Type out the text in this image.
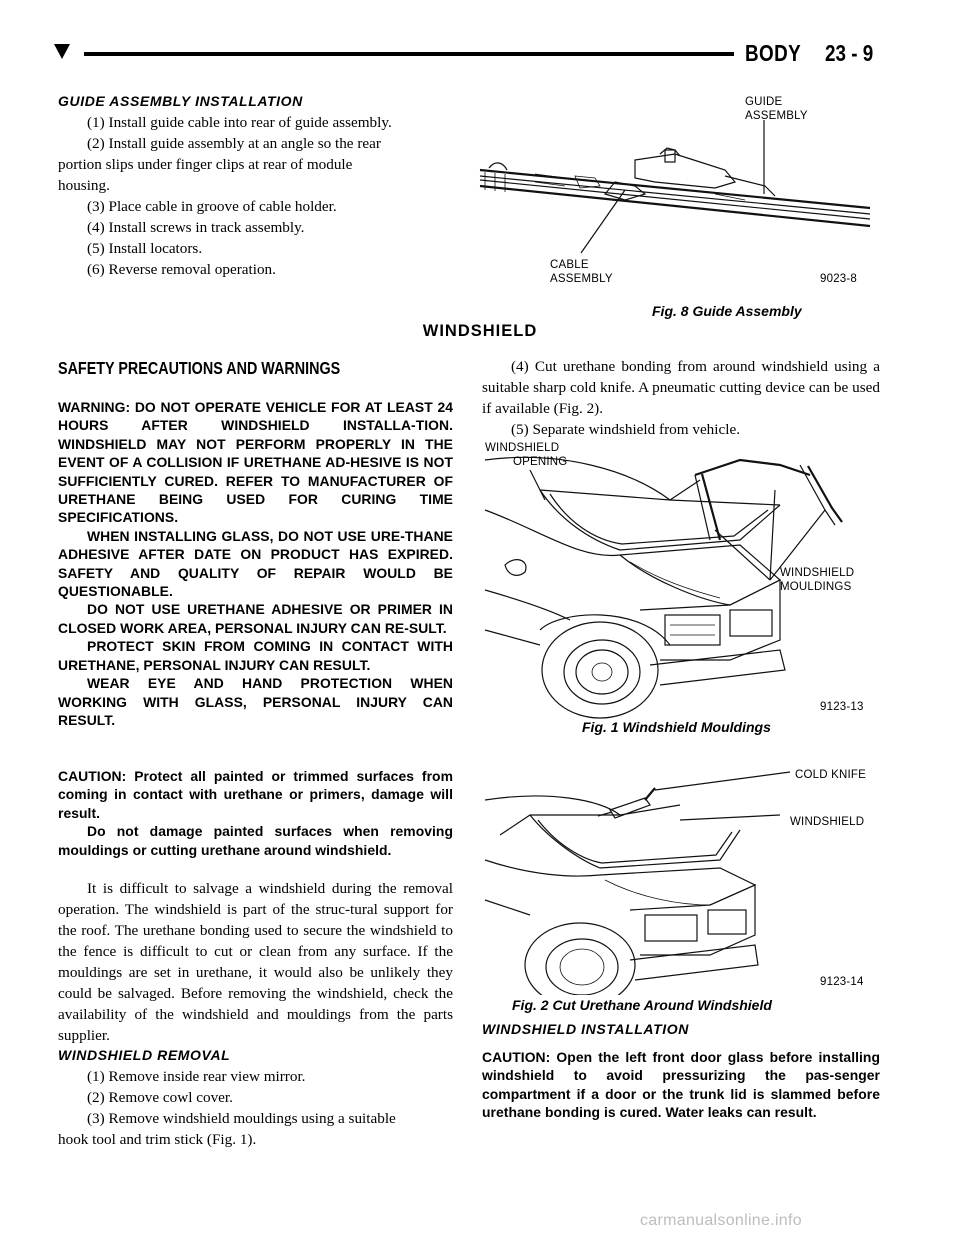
BODY 23 - 9
GUIDE ASSEMBLY INSTALLATION

(1) Install guide cable into rear of guide assembly.

(2) Install guide assembly at an angle so the rear

portion slips under finger clips at rear of module

housing.

(3) Place cable in groove of cable holder.

(4) Install screws in track assembly.

(5) Install locators.

(6) Reverse removal operation.

GUIDE
ASSEMBLY
CABLE
ASSEMBLY	9023-8
Fig. 8 Guide Assembly
WINDSHIELD
SAFETY PRECAUTIONS AND WARNINGS

WARNING: DO NOT OPERATE VEHICLE FOR AT LEAST 24 HOURS AFTER WINDSHIELD INSTALLA-TION. WINDSHIELD MAY NOT PERFORM PROPERLY IN THE EVENT OF A COLLISION IF URETHANE AD-HESIVE IS NOT SUFFICIENTLY CURED. REFER TO MANUFACTURER OF URETHANE BEING USED FOR CURING TIME SPECIFICATIONS.

WHEN INSTALLING GLASS, DO NOT USE URE-THANE ADHESIVE AFTER DATE ON PRODUCT HAS EXPIRED. SAFETY AND QUALITY OF REPAIR WOULD BE QUESTIONABLE.

DO NOT USE URETHANE ADHESIVE OR PRIMER IN CLOSED WORK AREA, PERSONAL INJURY CAN RE-SULT.

PROTECT SKIN FROM COMING IN CONTACT WITH URETHANE, PERSONAL INJURY CAN RESULT.

WEAR EYE AND HAND PROTECTION WHEN WORKING WITH GLASS, PERSONAL INJURY CAN RESULT.

CAUTION: Protect all painted or trimmed surfaces from coming in contact with urethane or primers, damage will result.

Do not damage painted surfaces when removing mouldings or cutting urethane around windshield.

It is difficult to salvage a windshield during the removal operation. The windshield is part of the struc-tural support for the roof. The urethane bonding used to secure the windshield to the fence is difficult to cut or clean from any surface. If the mouldings are set in urethane, it would also be unlikely they could be salvaged. Before removing the windshield, check the availability of the windshield and mouldings from the parts supplier.

WINDSHIELD REMOVAL

(1) Remove inside rear view mirror.

(2) Remove cowl cover.

(3) Remove windshield mouldings using a suitable

hook tool and trim stick (Fig. 1).

(4) Cut urethane bonding from around windshield using a suitable sharp cold knife. A pneumatic cutting device can be used if available (Fig. 2).

(5) Separate windshield from vehicle.

WINDSHIELD
OPENING
WINDSHIELD
MOULDINGS
9123-13
Fig. 1 Windshield Mouldings
COLD KNIFE
WINDSHIELD
9123-14
Fig. 2 Cut Urethane Around Windshield
WINDSHIELD INSTALLATION

CAUTION: Open the left front door glass before installing windshield to avoid pressurizing the pas-senger compartment if a door or the trunk lid is slammed before urethane bonding is cured. Water leaks can result.

carmanualsonline.info
